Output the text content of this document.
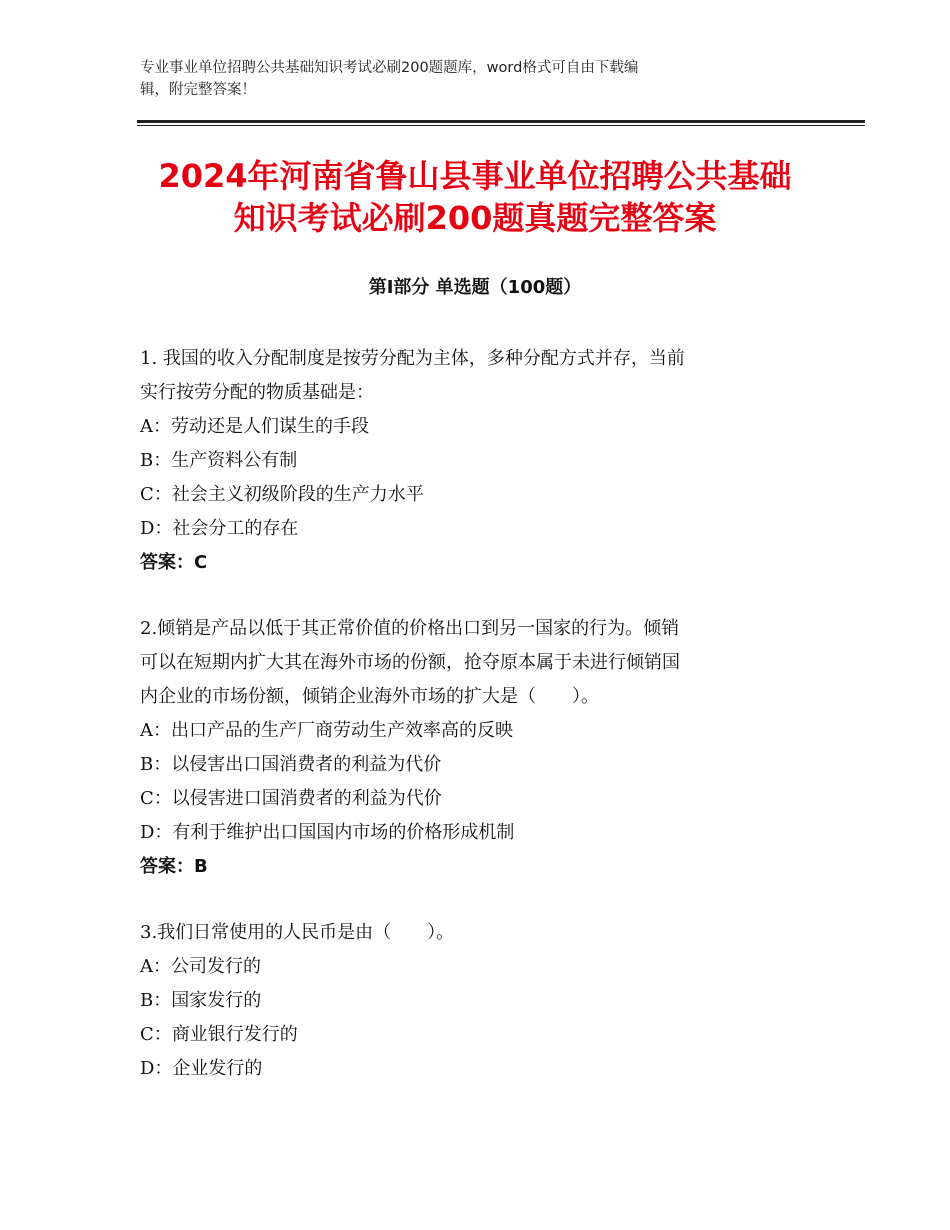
专业事业单位招聘公共基础知识考试必刷200题题库，word格式可自由下载编
辑，附完整答案！
2024年河南省鲁山县事业单位招聘公共基础
知识考试必刷200题真题完整答案
第Ⅰ部分 单选题（100题）
1. 我国的收入分配制度是按劳分配为主体，多种分配方式并存，当前
实行按劳分配的物质基础是：
A：劳动还是人们谋生的手段
B：生产资料公有制
C：社会主义初级阶段的生产力水平
D：社会分工的存在
答案：C
2.倾销是产品以低于其正常价值的价格出口到另一国家的行为。倾销
可以在短期内扩大其在海外市场的份额，抢夺原本属于未进行倾销国
内企业的市场份额，倾销企业海外市场的扩大是（　　）。
A：出口产品的生产厂商劳动生产效率高的反映
B：以侵害出口国消费者的利益为代价
C：以侵害进口国消费者的利益为代价
D：有利于维护出口国国内市场的价格形成机制
答案：B
3.我们日常使用的人民币是由（　　）。
A：公司发行的
B：国家发行的
C：商业银行发行的
D：企业发行的
